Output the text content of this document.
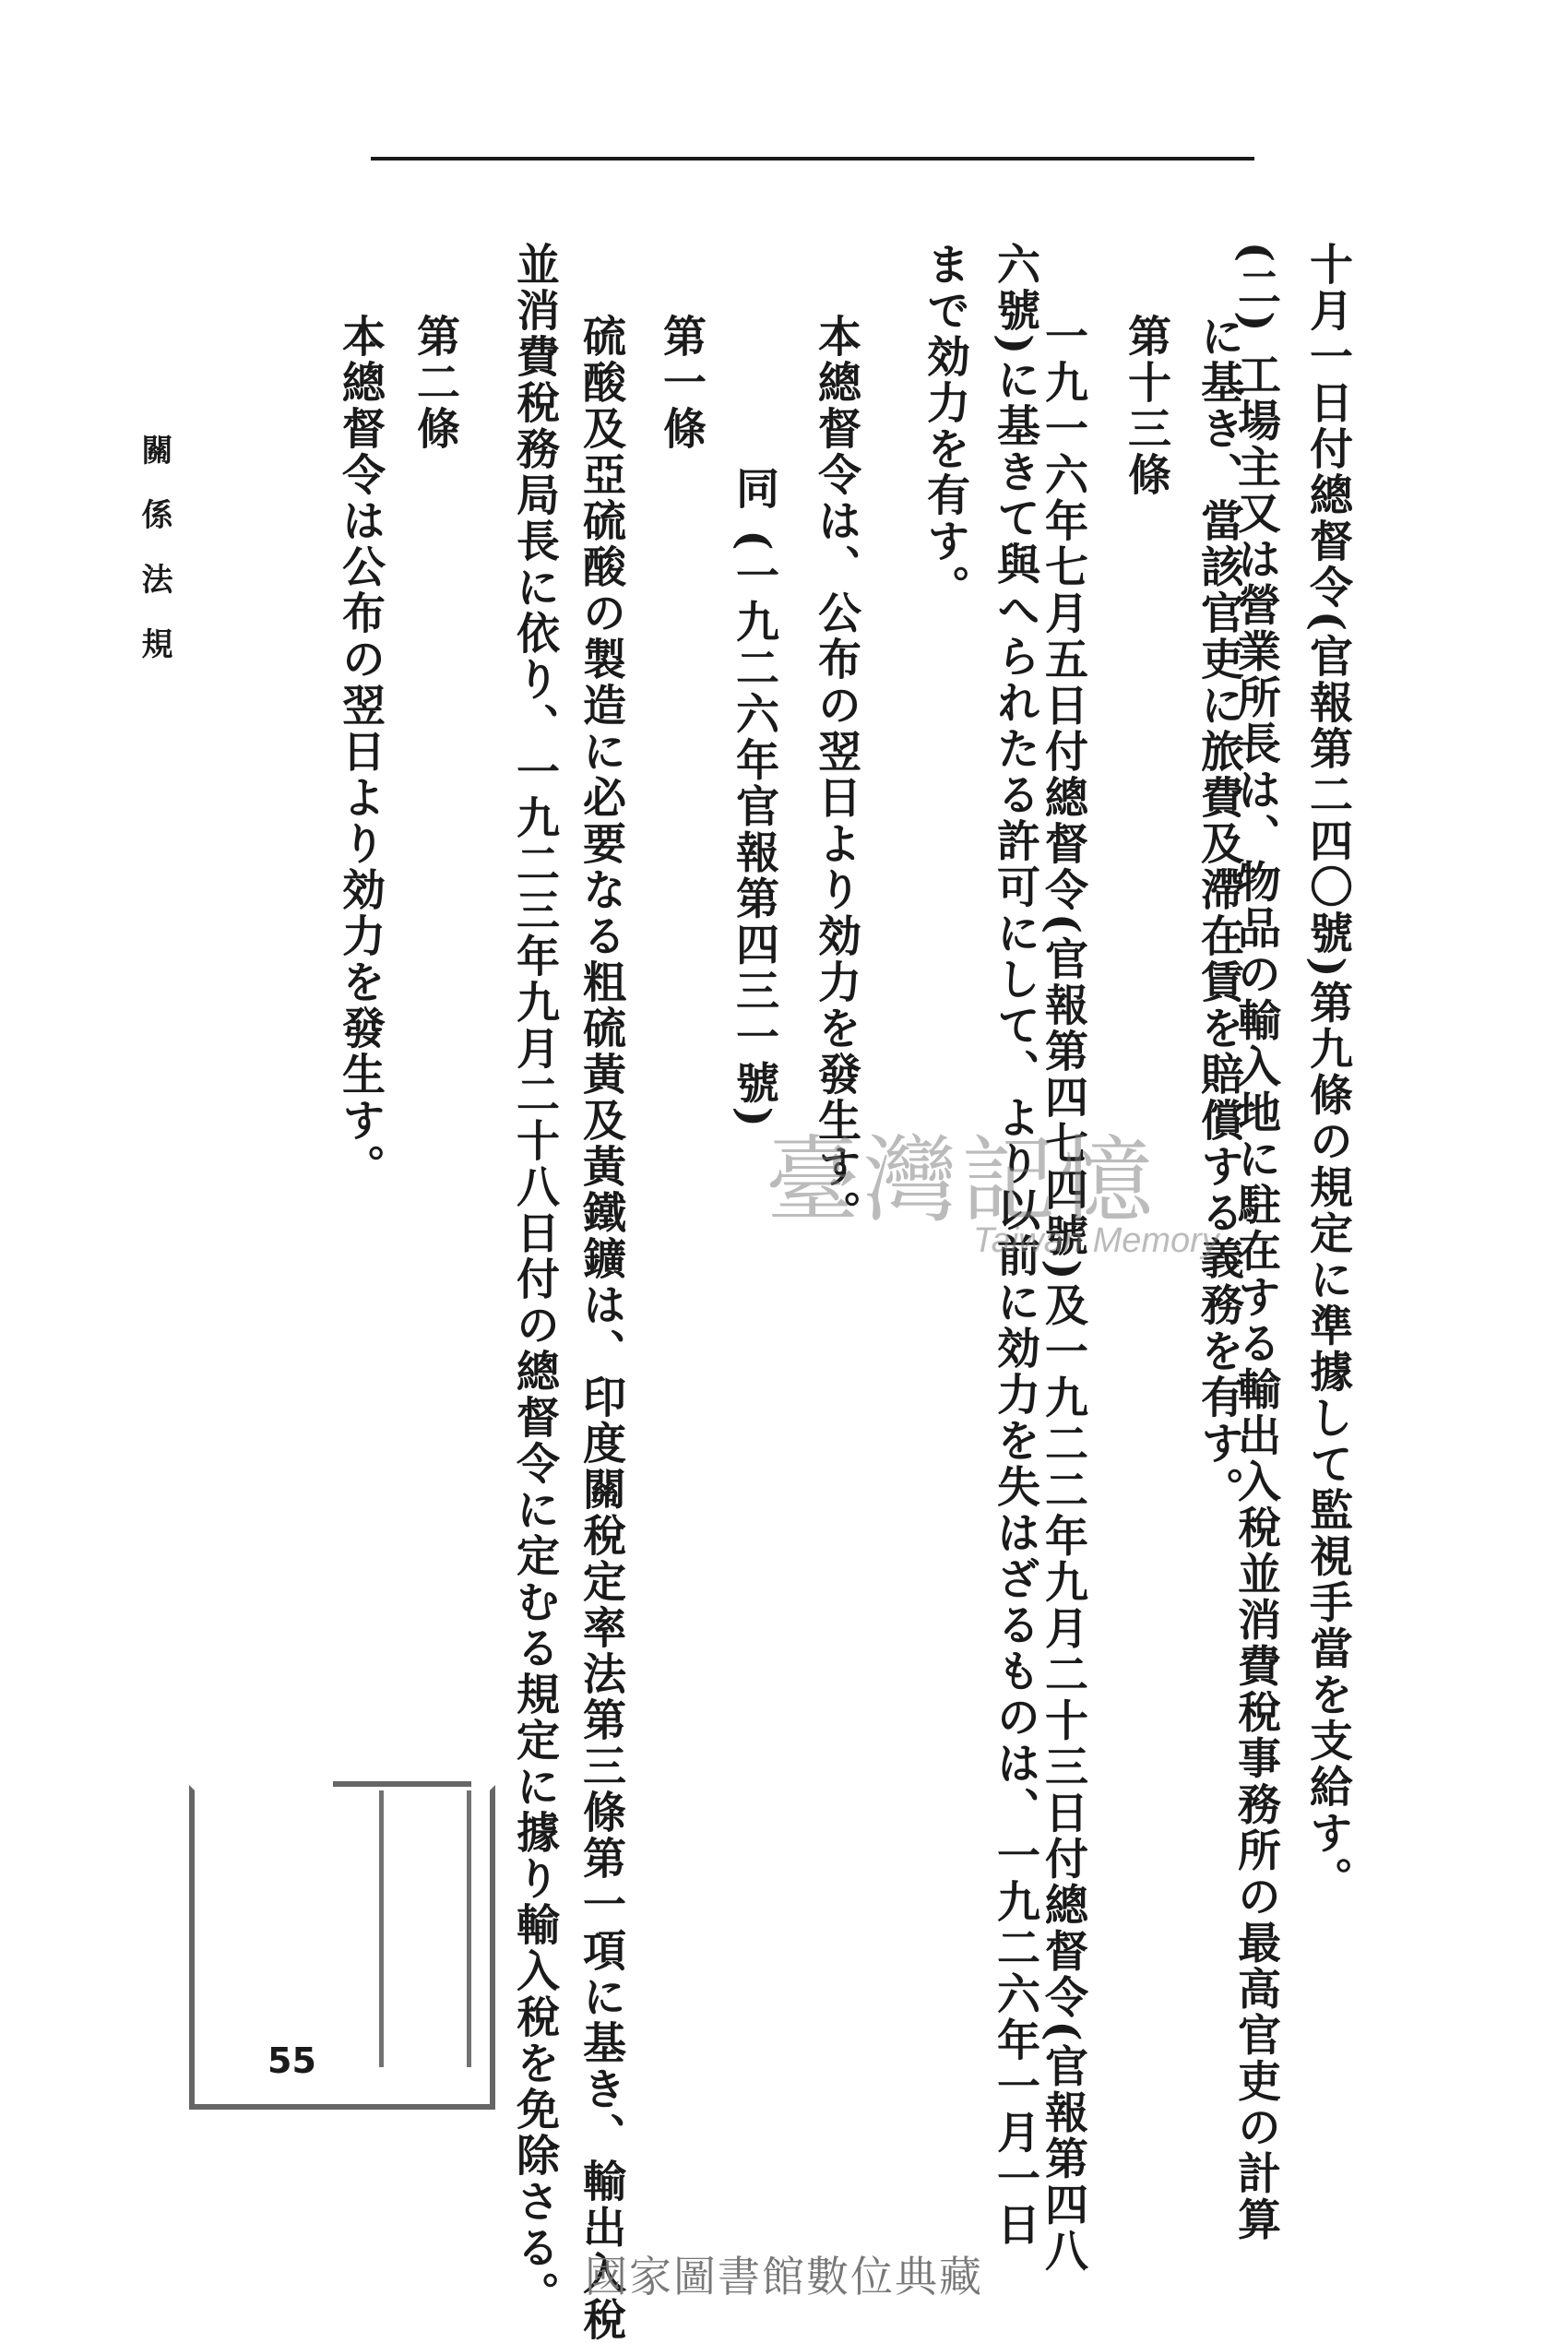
十月一日付總督令(官報第二四〇號)第九條の規定に準據して監視手當を支給す。
(二) 工場主又は營業所長は、物品の輸入地に駐在する輸出入稅並消費稅事務所の最高官吏の計算
に基き、當該官吏に旅費及滯在賃を賠償する義務を有す。
第十三條
一九一六年七月五日付總督令(官報第四七四號)及一九二二年九月二十三日付總督令(官報第四八
六號)に基きて與へられたる許可にして、より以前に効力を失はざるものは、一九二六年一月一日
まで効力を有す。
本總督令は、公布の翌日より効力を發生す。
同 (一九二六年官報第四三一號)
第一條
硫酸及亞硫酸の製造に必要なる粗硫黃及黃鐵鑛は、印度關稅定率法第三條第一項に基き、輸出入稅
並消費稅務局長に依り、一九二三年九月二十八日付の總督令に定むる規定に據り輸入稅を免除さる。
第二條
本總督令は公布の翌日より効力を發生す。
關係法規
臺灣記憶
Taiwan Memory
55
國家圖書館數位典藏
